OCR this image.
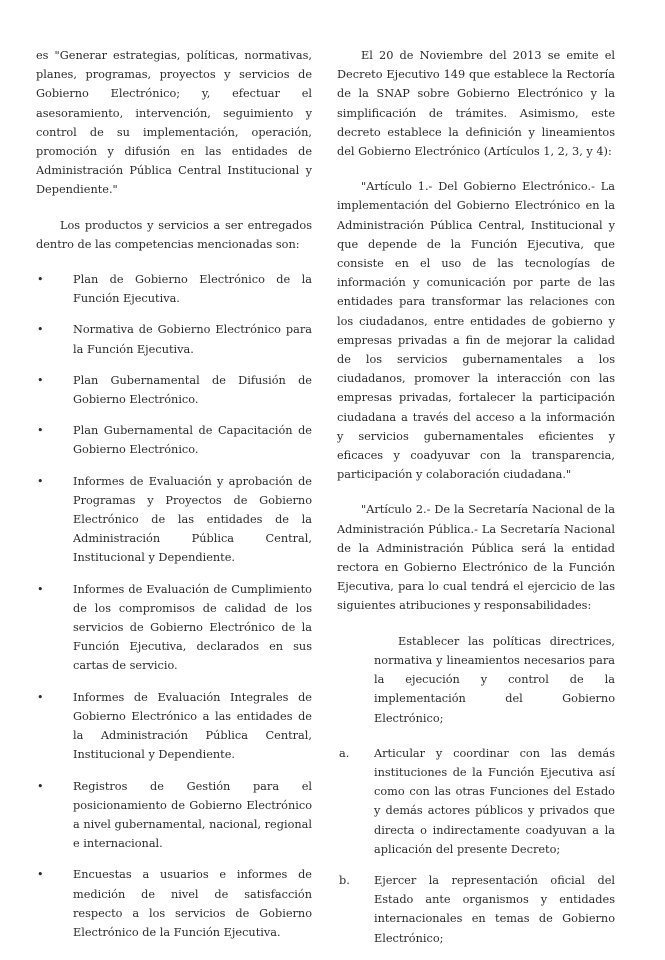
es "Generar estrategias, políticas, normativas, planes, programas, proyectos y servicios de Gobierno Electrónico; y, efectuar el asesoramiento, intervención, seguimiento y control de su implementación, operación, promoción y difusión en las entidades de Administración Pública Central Institucional y Dependiente."

Los productos y servicios a ser entregados dentro de las competencias mencionadas son:

•	Plan de Gobierno Electrónico de la Función Ejecutiva.
•	Normativa de Gobierno Electrónico para la Función Ejecutiva.
•	Plan Gubernamental de Difusión de Gobierno Electrónico.
•	Plan Gubernamental de Capacitación de Gobierno Electrónico.
•	Informes de Evaluación y aprobación de Programas y Proyectos de Gobierno Electrónico de las entidades de la Administración Pública Central, Institucional y Dependiente.
•	Informes de Evaluación de Cumplimiento de los compromisos de calidad de los servicios de Gobierno Electrónico de la Función Ejecutiva, declarados en sus cartas de servicio.
•	Informes de Evaluación Integrales de Gobierno Electrónico a las entidades de la Administración Pública Central, Institucional y Dependiente.
•	Registros de Gestión para el posicionamiento de Gobierno Electrónico a nivel gubernamental, nacional, regional e internacional.
•	Encuestas a usuarios e informes de medición de nivel de satisfacción respecto a los servicios de Gobierno Electrónico de la Función Ejecutiva.

El 20 de Noviembre del 2013 se emite el Decreto Ejecutivo 149 que establece la Rectoría de la SNAP sobre Gobierno Electrónico y la simplificación de trámites. Asimismo, este decreto establece la definición y lineamientos del Gobierno Electrónico (Artículos 1, 2, 3, y 4):

"Artículo 1.- Del Gobierno Electrónico.- La implementación del Gobierno Electrónico en la Administración Pública Central, Institucional y que depende de la Función Ejecutiva, que consiste en el uso de las tecnologías de información y comunicación por parte de las entidades para transformar las relaciones con los ciudadanos, entre entidades de gobierno y empresas privadas a fin de mejorar la calidad de los servicios gubernamentales a los ciudadanos, promover la interacción con las empresas privadas, fortalecer la participación ciudadana a través del acceso a la información y servicios gubernamentales eficientes y eficaces y coadyuvar con la transparencia, participación y colaboración ciudadana."

"Artículo 2.- De la Secretaría Nacional de la Administración Pública.- La Secretaría Nacional de la Administración Pública será la entidad rectora en Gobierno Electrónico de la Función Ejecutiva, para lo cual tendrá el ejercicio de las siguientes atribuciones y responsabilidades:

Establecer las políticas directrices, normativa y lineamientos necesarios para la ejecución y control de la implementación del Gobierno Electrónico;

a. Articular y coordinar con las demás instituciones de la Función Ejecutiva así como con las otras Funciones del Estado y demás actores públicos y privados que directa o indirectamente coadyuvan a la aplicación del presente Decreto;
b. Ejercer la representación oficial del Estado ante organismos y entidades internacionales en temas de Gobierno Electrónico;
